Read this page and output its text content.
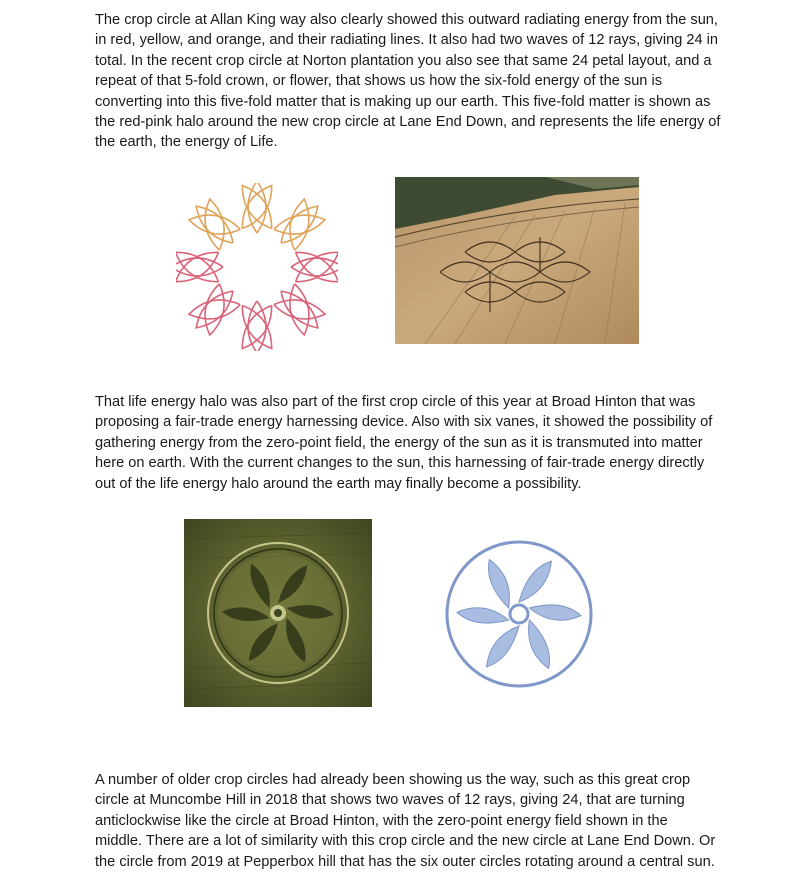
The crop circle at Allan King way also clearly showed this outward radiating energy from the sun,
in red, yellow, and orange, and their radiating lines. It also had two waves of 12 rays, giving 24 in
total. In the recent crop circle at Norton plantation you also see that same 24 petal layout, and a
repeat of that 5-fold crown, or flower, that shows us how the six-fold energy of the sun is
converting into this five-fold matter that is making up our earth. This five-fold matter is shown as
the red-pink halo around the new crop circle at Lane End Down, and represents the life energy of
the earth, the energy of Life.
That life energy halo was also part of the first crop circle of this year at Broad Hinton that was
proposing a fair-trade energy harnessing device. Also with six vanes, it showed the possibility of
gathering energy from the zero-point field, the energy of the sun as it is transmuted into matter
here on earth. With the current changes to the sun, this harnessing of fair-trade energy directly
out of the life energy halo around the earth may finally become a possibility.
A number of older crop circles had already been showing us the way, such as this great crop
circle at Muncombe Hill in 2018 that shows two waves of 12 rays, giving 24, that are turning
anticlockwise like the circle at Broad Hinton, with the zero-point energy field shown in the
middle. There are a lot of similarity with this crop circle and the new circle at Lane End Down. Or
the circle from 2019 at Pepperbox hill that has the six outer circles rotating around a central sun.
